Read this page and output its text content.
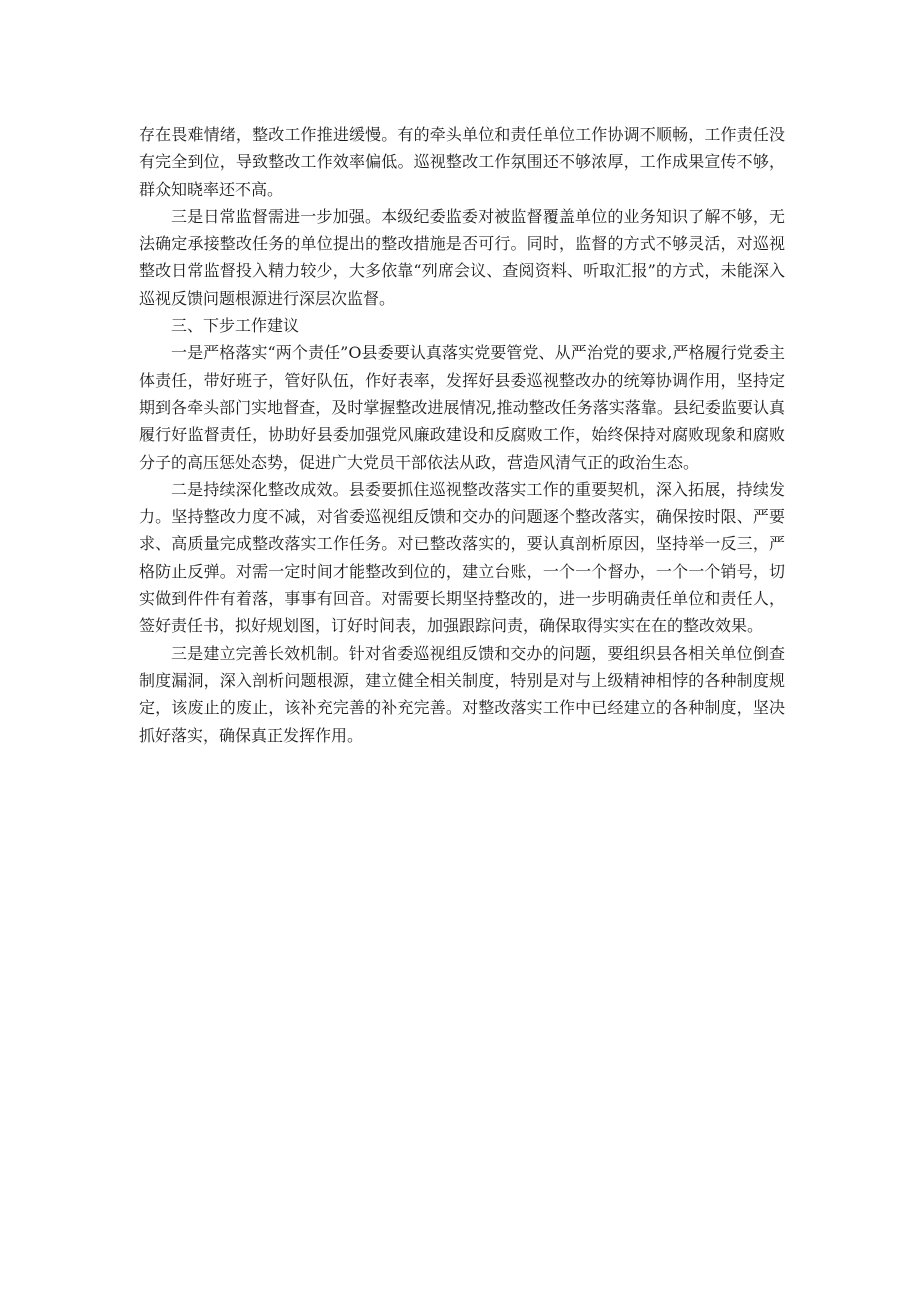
存在畏难情绪，整改工作推进缓慢。有的牵头单位和责任单位工作协调不顺畅，工作责任没有完全到位，导致整改工作效率偏低。巡视整改工作氛围还不够浓厚，工作成果宣传不够，群众知晓率还不高。

三是日常监督需进一步加强。本级纪委监委对被监督覆盖单位的业务知识了解不够，无法确定承接整改任务的单位提出的整改措施是否可行。同时，监督的方式不够灵活，对巡视整改日常监督投入精力较少，大多依靠“列席会议、查阅资料、听取汇报”的方式，未能深入巡视反馈问题根源进行深层次监督。

三、下步工作建议

一是严格落实“两个责任”O县委要认真落实党要管党、从严治党的要求,严格履行党委主体责任，带好班子，管好队伍，作好表率，发挥好县委巡视整改办的统筹协调作用，坚持定期到各牵头部门实地督查，及时掌握整改进展情况,推动整改任务落实落靠。县纪委监要认真履行好监督责任，协助好县委加强党风廉政建设和反腐败工作，始终保持对腐败现象和腐败分子的高压惩处态势，促进广大党员干部依法从政，营造风清气正的政治生态。

二是持续深化整改成效。县委要抓住巡视整改落实工作的重要契机，深入拓展，持续发力。坚持整改力度不减，对省委巡视组反馈和交办的问题逐个整改落实，确保按时限、严要求、高质量完成整改落实工作任务。对已整改落实的，要认真剖析原因，坚持举一反三，严格防止反弹。对需一定时间才能整改到位的，建立台账，一个一个督办，一个一个销号，切实做到件件有着落，事事有回音。对需要长期坚持整改的，进一步明确责任单位和责任人，签好责任书，拟好规划图，订好时间表，加强跟踪问责，确保取得实实在在的整改效果。

三是建立完善长效机制。针对省委巡视组反馈和交办的问题，要组织县各相关单位倒查制度漏洞，深入剖析问题根源，建立健全相关制度，特别是对与上级精神相悖的各种制度规定，该废止的废止，该补充完善的补充完善。对整改落实工作中已经建立的各种制度，坚决抓好落实，确保真正发挥作用。
